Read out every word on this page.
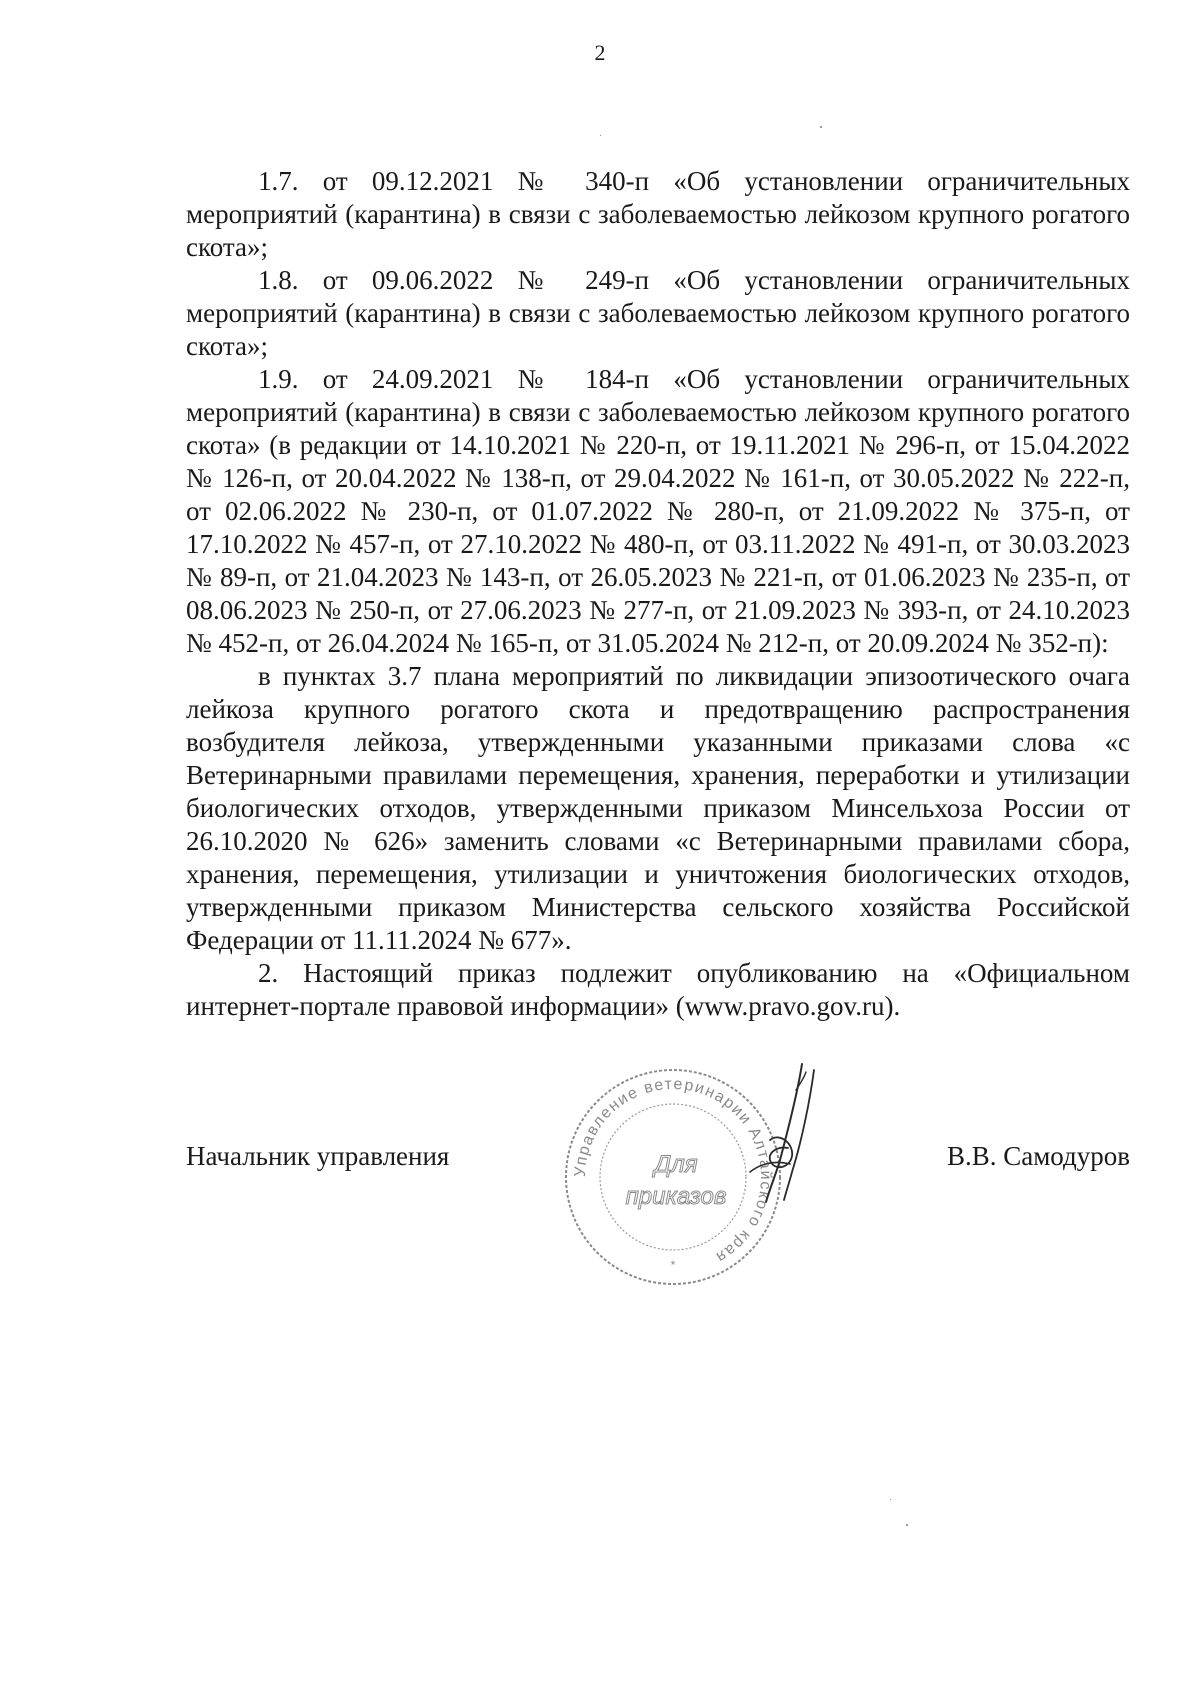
2

1.7. от 09.12.2021 № 340-п «Об установлении ограничительных мероприятий (карантина) в связи с заболеваемостью лейкозом крупного рогатого скота»;

1.8. от 09.06.2022 № 249-п «Об установлении ограничительных мероприятий (карантина) в связи с заболеваемостью лейкозом крупного рогатого скота»;

1.9. от 24.09.2021 № 184-п «Об установлении ограничительных мероприятий (карантина) в связи с заболеваемостью лейкозом крупного рогатого скота» (в редакции от 14.10.2021 № 220-п, от 19.11.2021 № 296-п, от 15.04.2022 № 126-п, от 20.04.2022 № 138-п, от 29.04.2022 № 161-п, от 30.05.2022 № 222-п, от 02.06.2022 № 230-п, от 01.07.2022 № 280-п, от 21.09.2022 № 375-п, от 17.10.2022 № 457-п, от 27.10.2022 № 480-п, от 03.11.2022 № 491-п, от 30.03.2023 № 89-п, от 21.04.2023 № 143-п, от 26.05.2023 № 221-п, от 01.06.2023 № 235-п, от 08.06.2023 № 250-п, от 27.06.2023 № 277-п, от 21.09.2023 № 393-п, от 24.10.2023 № 452-п, от 26.04.2024 № 165-п, от 31.05.2024 № 212-п, от 20.09.2024 № 352-п):

в пунктах 3.7 плана мероприятий по ликвидации эпизоотического очага лейкоза крупного рогатого скота и предотвращению распространения возбудителя лейкоза, утвержденными указанными приказами слова «с Ветеринарными правилами перемещения, хранения, переработки и утилизации биологических отходов, утвержденными приказом Минсельхоза России от 26.10.2020 № 626» заменить словами «с Ветеринарными правилами сбора, хранения, перемещения, утилизации и уничтожения биологических отходов, утвержденными приказом Министерства сельского хозяйства Российской Федерации от 11.11.2024 № 677».

2. Настоящий приказ подлежит опубликованию на «Официальном интернет-портале правовой информации» (www.pravo.gov.ru).

Начальник управления	В.В. Самодуров
Управление ветеринарии Алтайского края
Для
приказов
*
